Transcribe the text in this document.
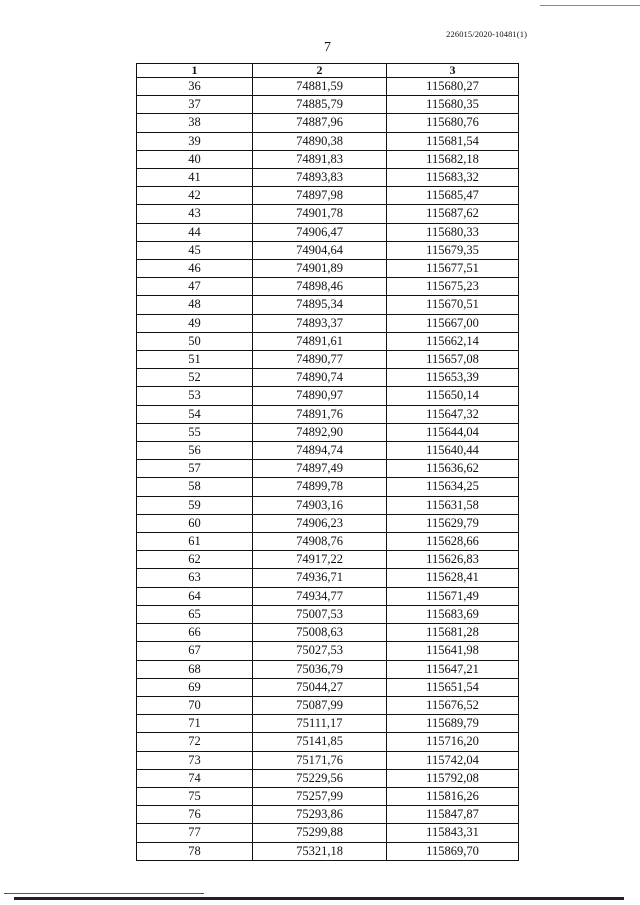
226015/2020-10481(1)
7
1	2	3
36	74881,59	115680,27
37	74885,79	115680,35
38	74887,96	115680,76
39	74890,38	115681,54
40	74891,83	115682,18
41	74893,83	115683,32
42	74897,98	115685,47
43	74901,78	115687,62
44	74906,47	115680,33
45	74904,64	115679,35
46	74901,89	115677,51
47	74898,46	115675,23
48	74895,34	115670,51
49	74893,37	115667,00
50	74891,61	115662,14
51	74890,77	115657,08
52	74890,74	115653,39
53	74890,97	115650,14
54	74891,76	115647,32
55	74892,90	115644,04
56	74894,74	115640,44
57	74897,49	115636,62
58	74899,78	115634,25
59	74903,16	115631,58
60	74906,23	115629,79
61	74908,76	115628,66
62	74917,22	115626,83
63	74936,71	115628,41
64	74934,77	115671,49
65	75007,53	115683,69
66	75008,63	115681,28
67	75027,53	115641,98
68	75036,79	115647,21
69	75044,27	115651,54
70	75087,99	115676,52
71	75111,17	115689,79
72	75141,85	115716,20
73	75171,76	115742,04
74	75229,56	115792,08
75	75257,99	115816,26
76	75293,86	115847,87
77	75299,88	115843,31
78	75321,18	115869,70
